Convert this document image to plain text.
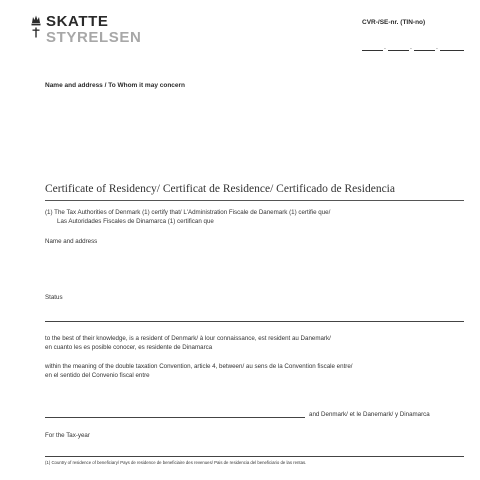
SKATTE
STYRELSEN
CVR-/SE-nr. (TIN-no)
.	.	.
Name and address / To Whom it may concern
Certificate of Residency/ Certificat de Residence/ Certificado de Residencia
(1) The Tax Authorities of Denmark (1) certify that/ L'Administration Fiscale de Danemark (1) certifie que/
Las Autoridades Fiscales de Dinamarca (1) certifican que
Name and address
Status
to the best of their knowledge, is a resident of Denmark/ à lour connaissance, est resident au Danemark/
en cuanto les es posible conocer, es residente de Dinamarca
within the meaning of the double taxation Convention, article 4, between/ au sens de la Convention fiscale entre/
en el sentido del Convenio fiscal entre
and Denmark/ et le Danemark/ y Dinamarca
For the Tax-year
(1) Country of residence of beneficiary/ Pays de residence de beneficiaire des revenues/ Pais de residencia del beneficiario de las rentas.
